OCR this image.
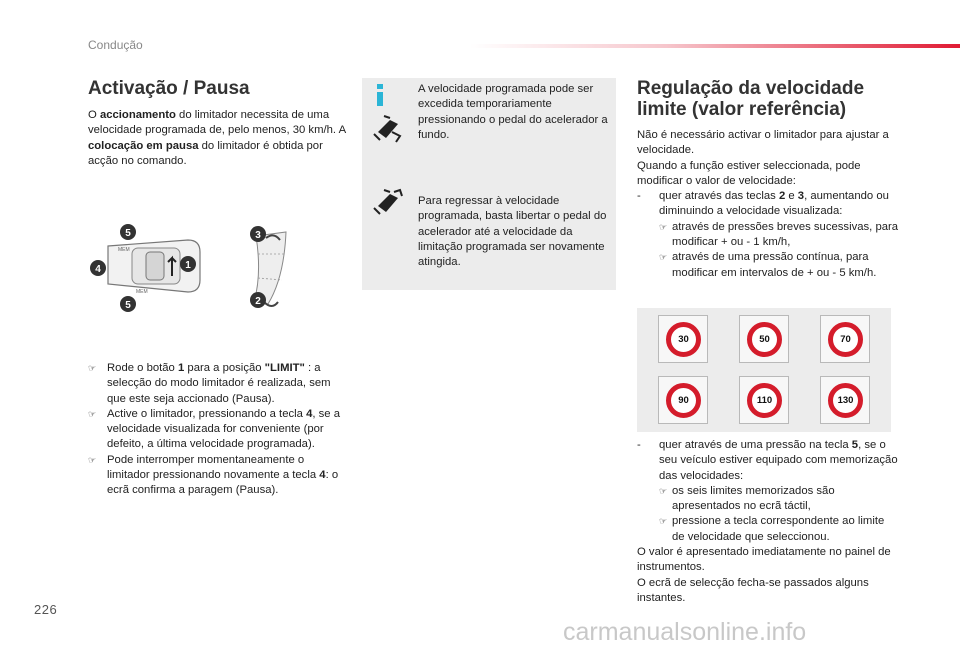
Condução
Activação / Pausa

O accionamento do limitador necessita de uma velocidade programada de, pelo menos, 30 km/h. A colocação em pausa do limitador é obtida por acção no comando.

MEM
MEM
5
4
5
1
3
2
☞ Rode o botão 1 para a posição "LIMIT" : a selecção do modo limitador é realizada, sem que este seja accionado (Pausa).
☞ Active o limitador, pressionando a tecla 4, se a velocidade visualizada for conveniente (por defeito, a última velocidade programada).
☞ Pode interromper momentaneamente o limitador pressionando novamente a tecla 4: o ecrã confirma a paragem (Pausa).

A velocidade programada pode ser excedida temporariamente pressionando o pedal do acelerador a fundo.

Para regressar à velocidade programada, basta libertar o pedal do acelerador até a velocidade da limitação programada ser novamente atingida.

Regulação da velocidade limite (valor referência)

Não é necessário activar o limitador para ajustar a velocidade.

Quando a função estiver seleccionada, pode modificar o valor de velocidade:

- quer através das teclas 2 e 3, aumentando ou diminuindo a velocidade visualizada:
☞ através de pressões breves sucessivas, para modificar + ou - 1 km/h,
☞ através de uma pressão contínua, para modificar em intervalos de + ou - 5 km/h.
30	50	70
90	110	130
- quer através de uma pressão na tecla 5, se o seu veículo estiver equipado com memorização das velocidades:
☞ os seis limites memorizados são apresentados no ecrã táctil,
☞ pressione a tecla correspondente ao limite de velocidade que seleccionou.

O valor é apresentado imediatamente no painel de instrumentos.

O ecrã de selecção fecha-se passados alguns instantes.

226
carmanualsonline.info
